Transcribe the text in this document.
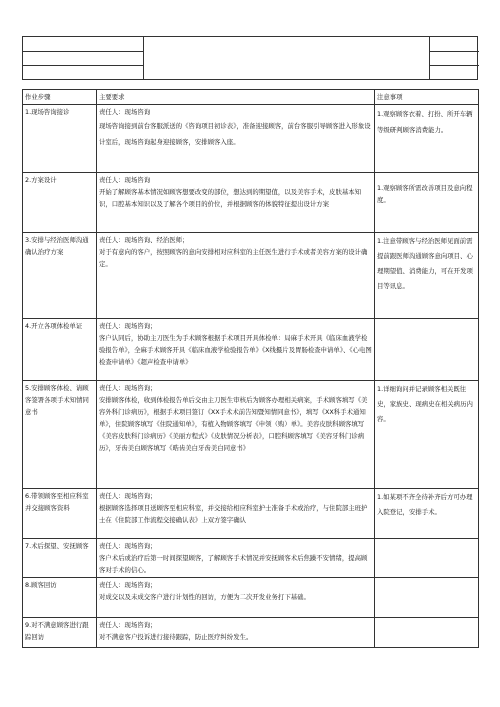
作业步骤	主要要求	注意事项
1.现场咨询接诊	责任人：现场咨询

现场咨询接到前台客服派送的《咨询项目初诊表》，准备迎接顾客，前台客服引导顾客进入形象设计室后，现场咨询起身迎接顾客，安排顾客入座。	1.观察顾客衣着、打扮、所开车辆等级研判顾客消费能力。

2.方案设计	责任人：现场咨询

开始了解顾客基本情况如顾客想要改变的部位，想达到的期望值，以及美容手术，皮肤基本知识，口腔基本知识以及了解各个项目的价位，并根据顾客的体貌特征提出设计方案	1.观察顾客所需改善项目及意向程度。

3.安排与经治医师沟通确认治疗方案	责任人：现场咨询、经治医师；

对于有意向的客户，按照顾客的意向安排相对应科室的主任医生进行手术或者美容方案的设计确定。	1.注意带顾客与经治医师见面前需提前跟医师沟通顾客意向项目、心理期望值、消费能力，可在开发项目等讯息。

4.开立各项体检单证	责任人：现场咨询；

客户认同后，协助主刀医生为手术顾客根据手术项目开具体检单：局麻手术开具《临床血液学检验报告单》，全麻手术顾客开具《临床血液学检验报告单》《X线摄片及胃肠检查申请单》、《心电图检查申请单》《超声检查申请单》	

5.安排顾客体检、请顾客签署各项手术知情同意书	责任人：现场咨询；

安排顾客体检，收到体检报告单后交由主刀医生审核后为顾客办理相关病案，手术顾客填写《美容外科门诊病历》，根据手术项目签订《XX手术术前告知暨知情同意书》，填写《XX科手术通知单》，住院顾客填写《住院通知单》，有植入物顾客填写《申领（购）单》。美容皮肤科顾客填写《美容皮肤科门诊病历》《美丽方程式》《皮肤情况分析表》，口腔科顾客填写《美容牙科门诊病历》，牙齿美白顾客填写《晧齿美白牙齿美白同意书》	1.详细询问并记录顾客相关既往史，家族史、现病史在相关病历内容。

6.带领顾客至相应科室并交接顾客资料	责任人：现场咨询；

根据顾客选择项目送顾客至相应科室，并交接给相应科室护士准备手术或治疗，与住院部主班护士在《住院部工作流程交接确认表》上双方签字确认	1.如某项不齐全待补齐后方可办理入院登记，安排手术。

7.术后探望、安抚顾客	责任人：现场咨询；

客户术后或治疗后第一时间探望顾客，了解顾客手术情况并安抚顾客术后焦躁不安情绪，提高顾客对手术的信心。	

8.顾客回访	责任人：现场咨询；

对成交以及未成交客户进行计划性的回访，方便为二次开发业务打下基础。	

9.对不满意顾客进行跟踪回访	责任人：现场咨询；

对不满意客户投诉进行接待跟踪，防止医疗纠纷发生。	
